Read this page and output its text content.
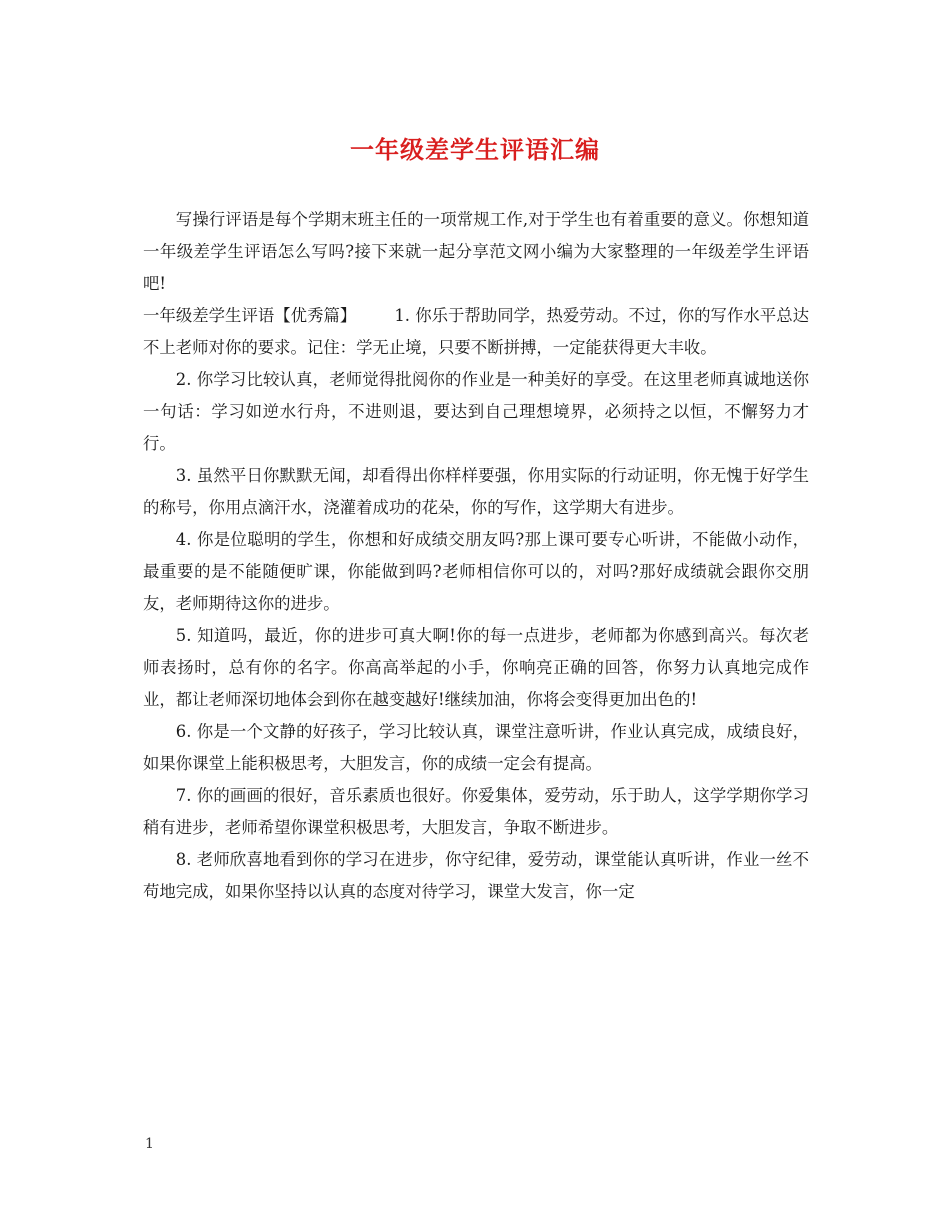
一年级差学生评语汇编

写操行评语是每个学期末班主任的一项常规工作,对于学生也有着重要的意义。你想知道一年级差学生评语怎么写吗?接下来就一起分享范文网小编为大家整理的一年级差学生评语吧!

一年级差学生评语【优秀篇】 1. 你乐于帮助同学，热爱劳动。不过，你的写作水平总达不上老师对你的要求。记住：学无止境，只要不断拼搏，一定能获得更大丰收。

2. 你学习比较认真，老师觉得批阅你的作业是一种美好的享受。在这里老师真诚地送你一句话：学习如逆水行舟，不进则退，要达到自己理想境界，必须持之以恒，不懈努力才行。

3. 虽然平日你默默无闻，却看得出你样样要强，你用实际的行动证明，你无愧于好学生的称号，你用点滴汗水，浇灌着成功的花朵，你的写作，这学期大有进步。

4. 你是位聪明的学生，你想和好成绩交朋友吗?那上课可要专心听讲，不能做小动作，最重要的是不能随便旷课，你能做到吗?老师相信你可以的，对吗?那好成绩就会跟你交朋友，老师期待这你的进步。

5. 知道吗，最近，你的进步可真大啊!你的每一点进步，老师都为你感到高兴。每次老师表扬时，总有你的名字。你高高举起的小手，你响亮正确的回答，你努力认真地完成作业，都让老师深切地体会到你在越变越好!继续加油，你将会变得更加出色的!

6. 你是一个文静的好孩子，学习比较认真，课堂注意听讲，作业认真完成，成绩良好，如果你课堂上能积极思考，大胆发言，你的成绩一定会有提高。

7. 你的画画的很好，音乐素质也很好。你爱集体，爱劳动，乐于助人，这学学期你学习稍有进步，老师希望你课堂积极思考，大胆发言，争取不断进步。

8. 老师欣喜地看到你的学习在进步，你守纪律，爱劳动，课堂能认真听讲，作业一丝不苟地完成，如果你坚持以认真的态度对待学习，课堂大发言，你一定

1
